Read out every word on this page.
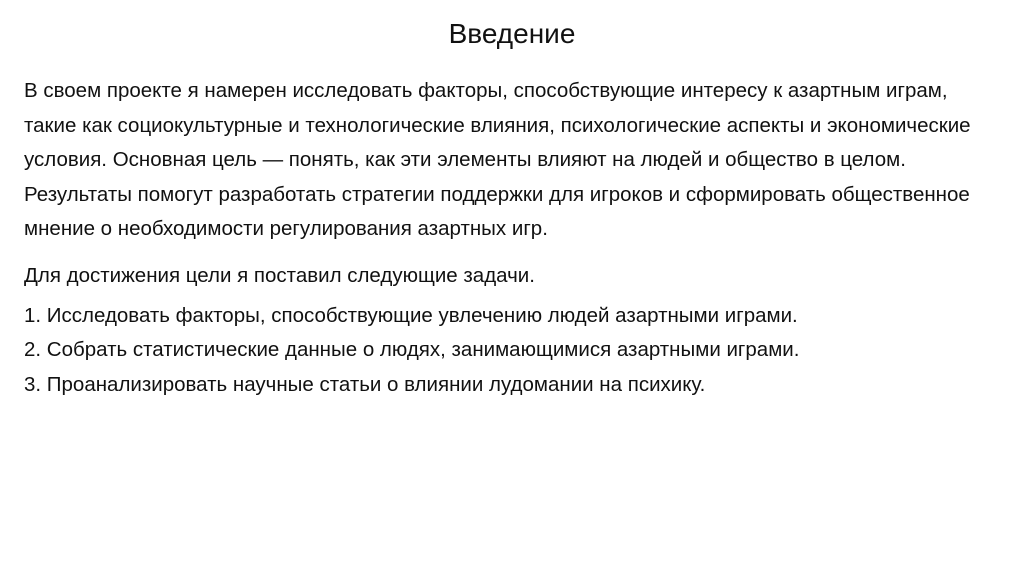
Введение

В своем проекте я намерен исследовать факторы, способствующие интересу к азартным играм, такие как социокультурные и технологические влияния, психологические аспекты и экономические условия. Основная цель — понять, как эти элементы влияют на людей и общество в целом. Результаты помогут разработать стратегии поддержки для игроков и сформировать общественное мнение о необходимости регулирования азартных игр.

Для достижения цели я поставил следующие задачи.

1. Исследовать факторы, способствующие увлечению людей азартными играми.

2. Собрать статистические данные о людях, занимающимися азартными играми.

3. Проанализировать научные статьи о влиянии лудомании на психику.
